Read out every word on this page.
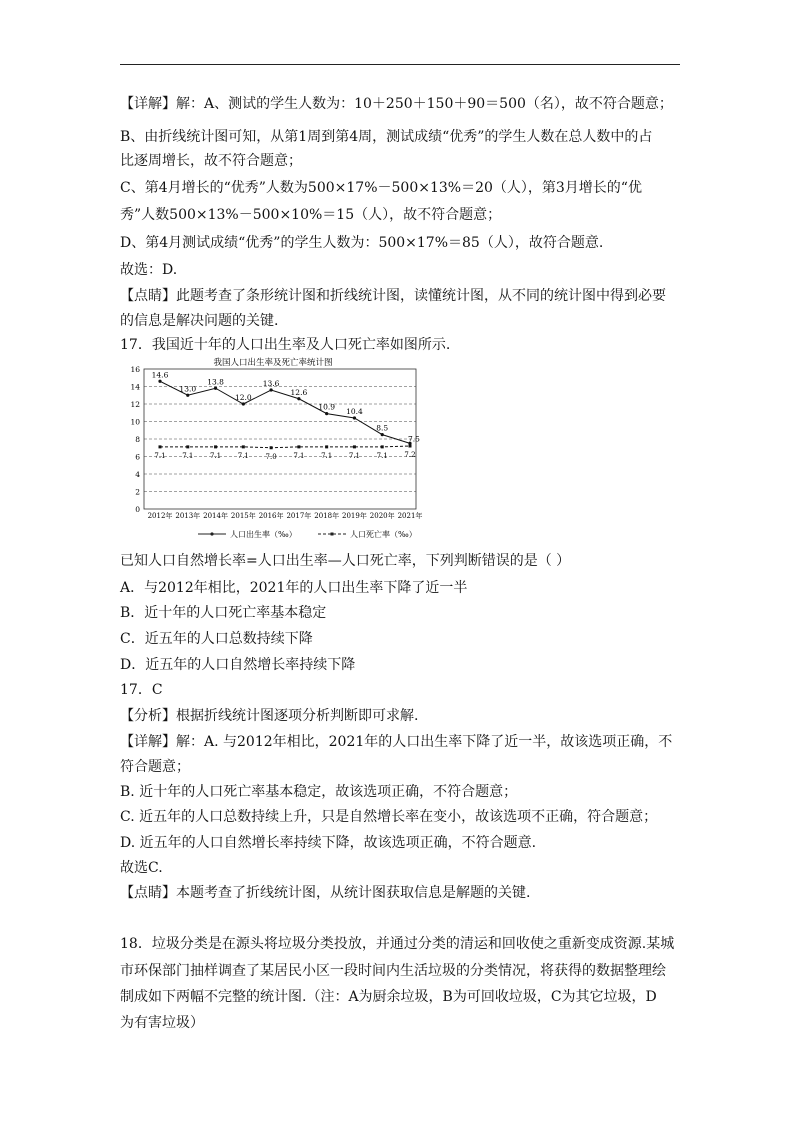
【详解】解：A、测试的学生人数为：10＋250＋150＋90＝500（名），故不符合题意；
B、由折线统计图可知，从第1周到第4周，测试成绩“优秀”的学生人数在总人数中的占
比逐周增长，故不符合题意；
C、第4月增长的“优秀”人数为500×17%－500×13%＝20（人），第3月增长的“优
秀”人数500×13%－500×10%＝15（人），故不符合题意；
D、第4月测试成绩“优秀”的学生人数为：500×17%＝85（人），故符合题意.
故选：D.
【点睛】此题考查了条形统计图和折线统计图，读懂统计图，从不同的统计图中得到必要
的信息是解决问题的关键.
17．我国近十年的人口出生率及人口死亡率如图所示.
我国人口出生率及死亡率统计图
0
2
4
6
8
10
12
14
16
2012年 2013年 2014年 2015年 2016年 2017年 2018年 2019年 2020年 2021年
14.6
13.0
13.8
12.0
13.6
12.6
10.9 10.4
8.5
7.5
7.1 7.1 7.1 7.1 7.0 7.1 7.1 7.1 7.1 7.2
人口出生率（‰）	人口死亡率（‰）
已知人口自然增长率=人口出生率—人口死亡率，下列判断错误的是（ ）
A．与2012年相比，2021年的人口出生率下降了近一半
B．近十年的人口死亡率基本稳定
C．近五年的人口总数持续下降
D．近五年的人口自然增长率持续下降
17．C
【分析】根据折线统计图逐项分析判断即可求解.
【详解】解：A. 与2012年相比，2021年的人口出生率下降了近一半，故该选项正确，不
符合题意；
B. 近十年的人口死亡率基本稳定，故该选项正确，不符合题意；
C. 近五年的人口总数持续上升，只是自然增长率在变小，故该选项不正确，符合题意；
D. 近五年的人口自然增长率持续下降，故该选项正确，不符合题意.
故选C.
【点睛】本题考查了折线统计图，从统计图获取信息是解题的关键.
18．垃圾分类是在源头将垃圾分类投放，并通过分类的清运和回收使之重新变成资源.某城
市环保部门抽样调查了某居民小区一段时间内生活垃圾的分类情况，将获得的数据整理绘
制成如下两幅不完整的统计图.（注：A为厨余垃圾，B为可回收垃圾，C为其它垃圾，D
为有害垃圾）
